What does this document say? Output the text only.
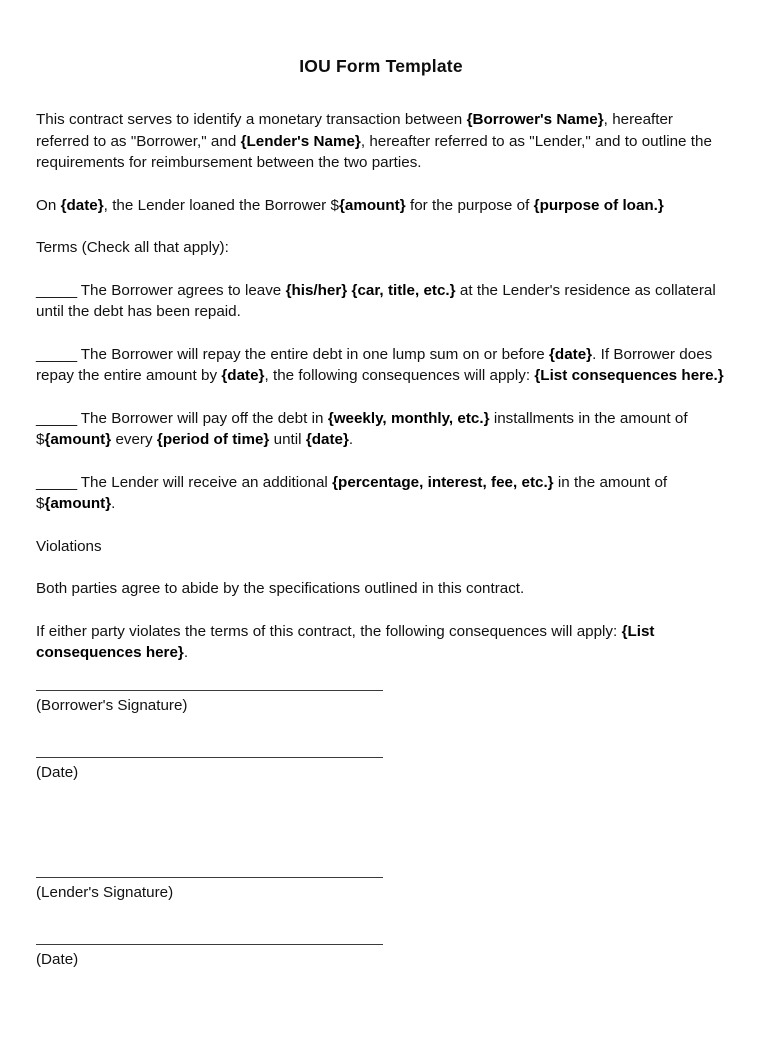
IOU Form Template

This contract serves to identify a monetary transaction between {Borrower's Name}, hereafter referred to as "Borrower," and {Lender's Name}, hereafter referred to as "Lender," and to outline the requirements for reimbursement between the two parties.

On {date}, the Lender loaned the Borrower ${amount} for the purpose of {purpose of loan.}

Terms (Check all that apply):

_____ The Borrower agrees to leave {his/her} {car, title, etc.} at the Lender's residence as collateral until the debt has been repaid.

_____ The Borrower will repay the entire debt in one lump sum on or before {date}. If Borrower does repay the entire amount by {date}, the following consequences will apply: {List consequences here.}

_____ The Borrower will pay off the debt in {weekly, monthly, etc.} installments in the amount of ${amount} every {period of time} until {date}.

_____ The Lender will receive an additional {percentage, interest, fee, etc.} in the amount of ${amount}.

Violations

Both parties agree to abide by the specifications outlined in this contract.

If either party violates the terms of this contract, the following consequences will apply: {List consequences here}.

(Borrower's Signature)

(Date)

(Lender's Signature)

(Date)
